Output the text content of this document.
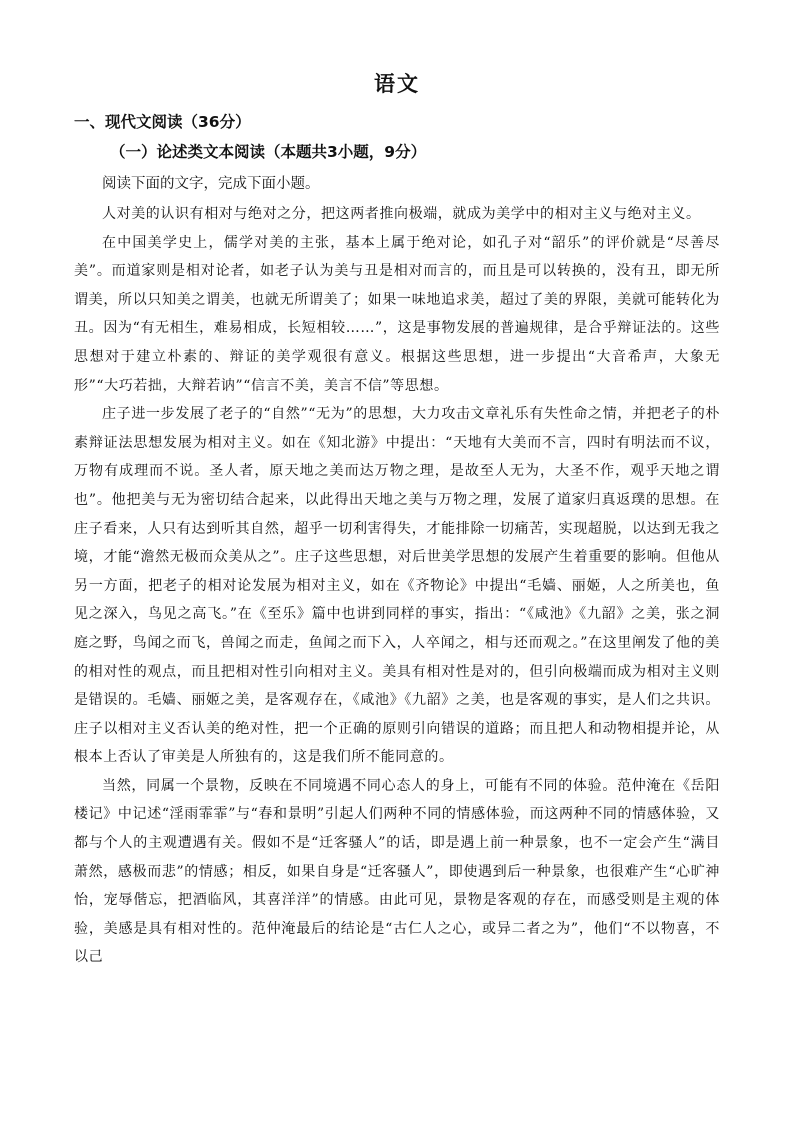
语文
一、现代文阅读（36分）
（一）论述类文本阅读（本题共3小题，9分）
阅读下面的文字，完成下面小题。

人对美的认识有相对与绝对之分，把这两者推向极端，就成为美学中的相对主义与绝对主义。

在中国美学史上，儒学对美的主张，基本上属于绝对论，如孔子对“韶乐”的评价就是“尽善尽美”。而道家则是相对论者，如老子认为美与丑是相对而言的，而且是可以转换的，没有丑，即无所谓美，所以只知美之谓美，也就无所谓美了；如果一味地追求美，超过了美的界限，美就可能转化为丑。因为“有无相生，难易相成，长短相较……”，这是事物发展的普遍规律，是合乎辩证法的。这些思想对于建立朴素的、辩证的美学观很有意义。根据这些思想，进一步提出“大音希声，大象无形”“大巧若拙，大辩若讷”“信言不美，美言不信”等思想。

庄子进一步发展了老子的“自然”“无为”的思想，大力攻击文章礼乐有失性命之情，并把老子的朴素辩证法思想发展为相对主义。如在《知北游》中提出：“天地有大美而不言，四时有明法而不议，万物有成理而不说。圣人者，原天地之美而达万物之理，是故至人无为，大圣不作，观乎天地之谓也”。他把美与无为密切结合起来，以此得出天地之美与万物之理，发展了道家归真返璞的思想。在庄子看来，人只有达到听其自然，超乎一切利害得失，才能排除一切痛苦，实现超脱，以达到无我之境，才能“澹然无极而众美从之”。庄子这些思想，对后世美学思想的发展产生着重要的影响。但他从另一方面，把老子的相对论发展为相对主义，如在《齐物论》中提出“毛嫱、丽姬，人之所美也，鱼见之深入，鸟见之高飞。”在《至乐》篇中也讲到同样的事实，指出：“《咸池》《九韶》之美，张之洞庭之野，鸟闻之而飞，兽闻之而走，鱼闻之而下入，人卒闻之，相与还而观之。”在这里阐发了他的美的相对性的观点，而且把相对性引向相对主义。美具有相对性是对的，但引向极端而成为相对主义则是错误的。毛嫱、丽姬之美，是客观存在，《咸池》《九韶》之美，也是客观的事实，是人们之共识。庄子以相对主义否认美的绝对性，把一个正确的原则引向错误的道路；而且把人和动物相提并论，从根本上否认了审美是人所独有的，这是我们所不能同意的。

当然，同属一个景物，反映在不同境遇不同心态人的身上，可能有不同的体验。范仲淹在《岳阳楼记》中记述“淫雨霏霏”与“春和景明”引起人们两种不同的情感体验，而这两种不同的情感体验，又都与个人的主观遭遇有关。假如不是“迁客骚人”的话，即是遇上前一种景象，也不一定会产生“满目萧然，感极而悲”的情感；相反，如果自身是“迁客骚人”，即使遇到后一种景象，也很难产生“心旷神怡，宠辱偕忘，把酒临风，其喜洋洋”的情感。由此可见，景物是客观的存在，而感受则是主观的体验，美感是具有相对性的。范仲淹最后的结论是“古仁人之心，或异二者之为”，他们“不以物喜，不以己
